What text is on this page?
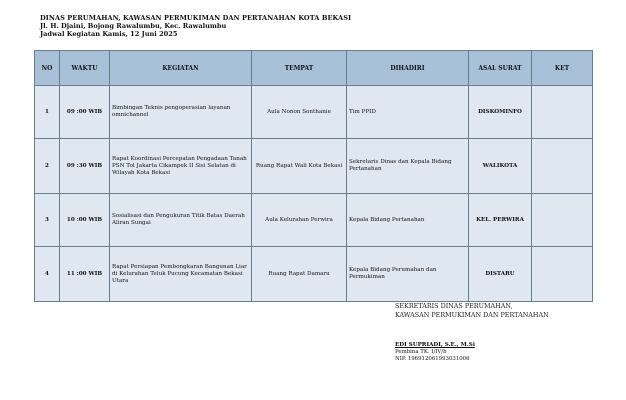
DINAS PERUMAHAN, KAWASAN PERMUKIMAN DAN PERTANAHAN KOTA BEKASI
Jl. H. Djaini, Bojong Rawalumbu, Kec. Rawalumbu
Jadwal Kegiatan Kamis, 12 Juni 2025
NO	WAKTU	KEGIATAN	TEMPAT	DIHADIRI	ASAL SURAT	KET
1	09 :00 WIB	Bimbingan Teknis pengoperasian layanan omnichannel	Aula Nonon Sonthanie	Tim PPID	DISKOMINFO	
2	09 :30 WIB	Rapat Koordinasi Percepatan Pengadaan Tanah PSN Tol Jakarta Cikampek II Sisi Selatan di Wilayah Kota Bekasi	Ruang Rapat Wali Kota Bekasi	Sekretaris Dinas dan Kepala Bidang Pertanahan	WALIKOTA	
3	10 :00 WIB	Sosialisasi dan Pengukuran Titik Batas Daerah Aliran Sungai	Aula Kelurahan Perwira	Kepala Bidang Pertanahan	KEL. PERWIRA	
4	11 :00 WIB	Rapat Persiapan Pembongkaran Bangunan Liar di Kelurahan Teluk Pucung Kecamatan Bekasi Utara	Ruang Rapat Damaru	Kepala Bidang Perumahan dan Permukiman	DISTARU	
SEKRETARIS DINAS PERUMAHAN,
KAWASAN PERMUKIMAN DAN PERTANAHAN
EDI SUPRIADI, S.E., M.Si
Pembina TK. I/IV/b
NIP. 196912061993031006
